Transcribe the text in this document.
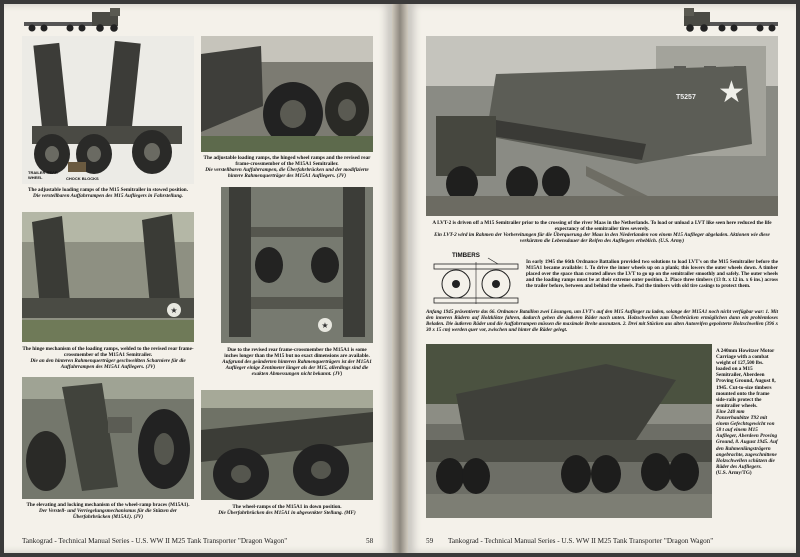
TRAILER REAR WHEEL	CHOCK BLOCKS
The adjustable loading ramps of the M15 Semitrailer in stowed position.
Die verstellbaren Auffahrrampen des M15 Aufliegers in Fahrstellung.
The adjustable loading ramps, the hinged wheel ramps and the revised rear frame-crossmember of the M15A1 Semitrailer.
Die verstellbaren Auffahrrampen, die Überfahrbrücken und der modifizierte hintere Rahmenquerträger des M15A1 Aufliegers. (JV)
★
The hinge mechanism of the loading ramps, welded to the revised rear frame-crossmember of the M15A1 Semitrailer.
Die an den hinteren Rahmenquerträger geschweißten Scharniere für die Auffahrrampen des M15A1 Aufliegers. (JV)
★
Due to the revised rear frame-crossmember the M15A1 is some inches longer than the M15 but no exact dimensions are available.
Aufgrund des geänderten hinteren Rahmenquerträgers ist der M15A1 Auflieger einige Zentimeter länger als der M15, allerdings sind die exakten Abmessungen nicht bekannt. (JV)
The elevating and locking mechanism of the wheel-ramp braces (M15A1).
Der Verstell- und Verriegelungsmechanismus für die Stützen der Überfahrbrücken (M15A1). (JV)
The wheel-ramps of the M15A1 in down position.
Die Überfahrbrücken des M15A1 in abgesenkter Stellung. (MF)
Tankograd - Technical Manual Series - U.S. WW II M25 Tank Transporter "Dragon Wagon"	58
★
T5257
A LVT-2 is driven off a M15 Semitrailer prior to the crossing of the river Maas in the Netherlands. To load or unload a LVT like seen here reduced the life expectancy of the semitrailer tires severely.
Ein LVT-2 wird im Rahmen der Vorbereitungen für die Überquerung der Maas in den Niederlanden von einem M15 Auflieger abgeladen. Aktionen wie diese verkürzten die Lebensdauer der Reifen des Aufliegers erheblich. (U.S. Army)
TIMBERS
In early 1945 the 66th Ordnance Battalion provided two solutions to load LVT's on the M15 Semitrailer before the M15A1 became available: 1. To drive the inner wheels up on a plank; this lowers the outer wheels down. A timber placed over the space than created allows the LVT to go up on the semitrailer smoothly and safely. The outer wheels and the loading ramps must be at their extreme outer position. 2. Place three timbers (13 ft. x 12 in. x 6 ins.) across the trailer before, between and behind the wheels. Pad the timbers with old tire casings to protect them.
Anfang 1945 präsentierte das 66. Ordnance Bataillon zwei Lösungen, um LVT's auf den M15 Auflieger zu laden, solange der M15A1 noch nicht verfügbar war: 1. Mit den inneren Rädern auf Holzklötze fahren, dadurch gehen die äußeren Räder nach unten. Holzschwellen zum Überbrücken ermöglichen dann ein problemloses Beladen. Die äußeren Räder und die Auffahrrampen müssen die maximale Breite ausnutzen. 2. Drei mit Stücken aus alten Autoreifen gepolsterte Holzschwellen (396 x 30 x 15 cm) werden quer vor, zwischen und hinter die Räder gelegt.
A 240mm Howitzer Motor Carriage with a combat weight of 127,500 lbs. loaded on a M15 Semitrailer, Aberdeen Proving Ground, August 8, 1945. Cut-to-size timbers mounted onto the frame side-rails protect the semitrailer wheels.
Eine 240 mm Panzerhaubitze T92 mit einem Gefechtsgewicht von 58 t auf einem M15 Auflieger, Aberdeen Proving Ground, 8. August 1945. Auf den Rahmenlängsträgern angebrachte, zugeschnittene Holzschwellen schützen die Räder des Aufliegers.
(U.S. Army/TG)
59 Tankograd - Technical Manual Series - U.S. WW II M25 Tank Transporter "Dragon Wagon"
